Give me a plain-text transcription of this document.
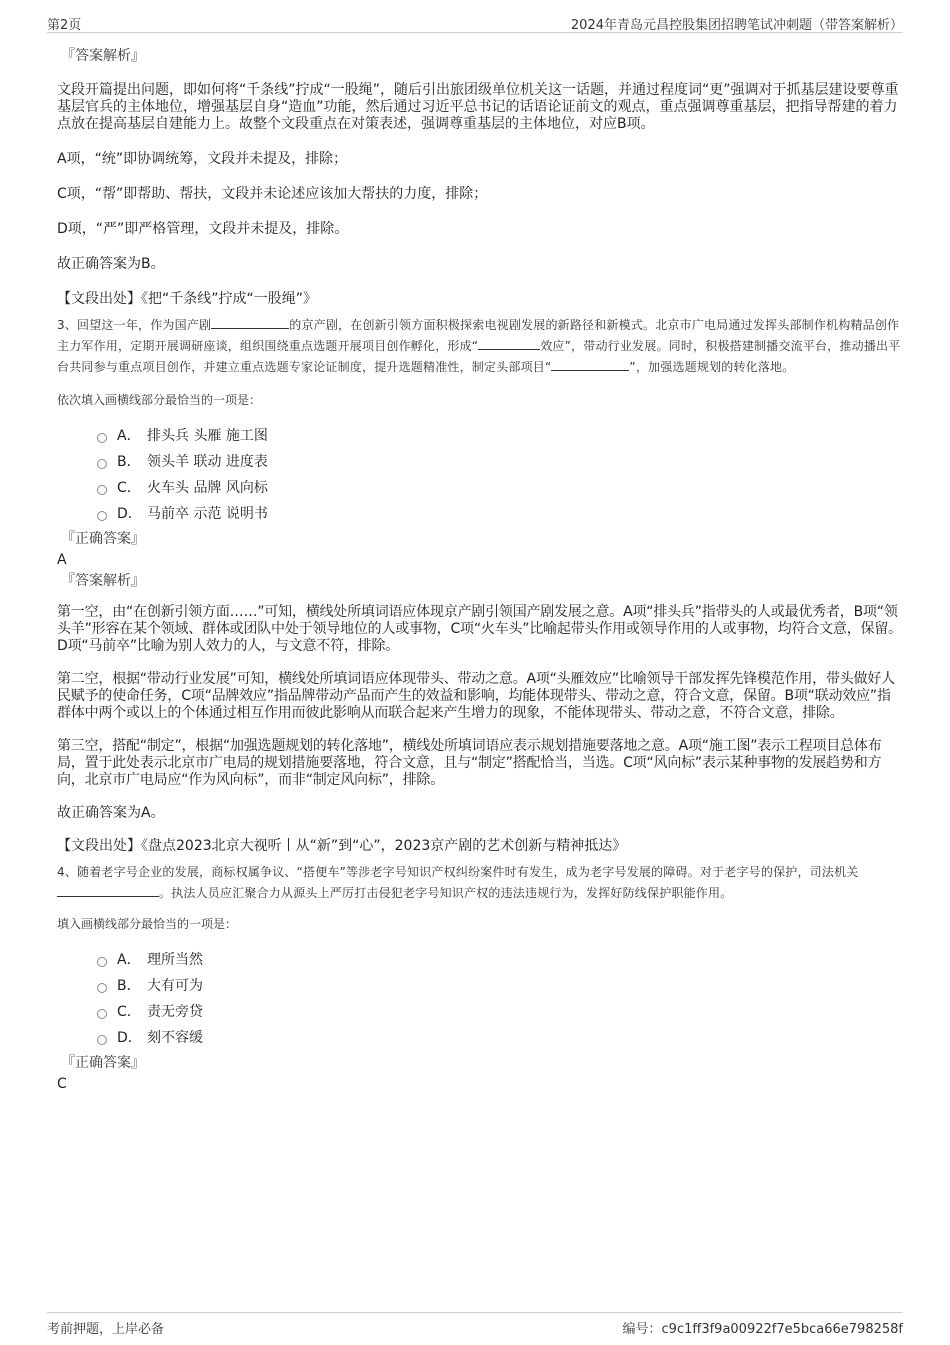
第2页	2024年青岛元昌控股集团招聘笔试冲刺题（带答案解析）
『答案解析』

文段开篇提出问题，即如何将“千条线”拧成“一股绳”，随后引出旅团级单位机关这一话题，并通过程度词“更”强调对于抓基层建设要尊重基层官兵的主体地位，增强基层自身“造血”功能，然后通过习近平总书记的话语论证前文的观点，重点强调尊重基层，把指导帮建的着力点放在提高基层自建能力上。故整个文段重点在对策表述，强调尊重基层的主体地位，对应B项。

A项，“统”即协调统筹，文段并未提及，排除；

C项，“帮”即帮助、帮扶，文段并未论述应该加大帮扶的力度，排除；

D项，“严”即严格管理，文段并未提及，排除。

故正确答案为B。

【文段出处】《把“千条线”拧成“一股绳”》

3、回望这一年，作为国产剧	的京产剧，在创新引领方面积极探索电视剧发展的新路径和新模式。北京市广电局通过发挥头部制作机构精品创作主力军作用，定期开展调研座谈，组织围绕重点选题开展项目创作孵化，形成“	效应”，带动行业发展。同时，积极搭建制播交流平台，推动播出平台共同参与重点项目创作，并建立重点选题专家论证制度，提升选题精准性，制定头部项目“	”，加强选题规划的转化落地。

依次填入画横线部分最恰当的一项是：

A． 排头兵 头雁 施工图
B． 领头羊 联动 进度表
C． 火车头 品牌 风向标
D． 马前卒 示范 说明书
『正确答案』

A

『答案解析』

第一空，由“在创新引领方面……”可知，横线处所填词语应体现京产剧引领国产剧发展之意。A项“排头兵”指带头的人或最优秀者，B项“领头羊”形容在某个领域、群体或团队中处于领导地位的人或事物，C项“火车头”比喻起带头作用或领导作用的人或事物，均符合文意，保留。D项“马前卒”比喻为别人效力的人，与文意不符，排除。

第二空，根据“带动行业发展”可知，横线处所填词语应体现带头、带动之意。A项“头雁效应”比喻领导干部发挥先锋模范作用，带头做好人民赋予的使命任务，C项“品牌效应”指品牌带动产品而产生的效益和影响，均能体现带头、带动之意，符合文意，保留。B项“联动效应”指群体中两个或以上的个体通过相互作用而彼此影响从而联合起来产生增力的现象，不能体现带头、带动之意，不符合文意，排除。

第三空，搭配“制定”，根据“加强选题规划的转化落地”，横线处所填词语应表示规划措施要落地之意。A项“施工图”表示工程项目总体布局，置于此处表示北京市广电局的规划措施要落地，符合文意，且与“制定”搭配恰当，当选。C项“风向标”表示某种事物的发展趋势和方向，北京市广电局应“作为风向标”，而非“制定风向标”，排除。

故正确答案为A。

【文段出处】《盘点2023北京大视听丨从“新”到“心”，2023京产剧的艺术创新与精神抵达》

4、随着老字号企业的发展，商标权属争议、“搭便车”等涉老字号知识产权纠纷案件时有发生，成为老字号发展的障碍。对于老字号的保护，司法机关。执法人员应汇聚合力从源头上严厉打击侵犯老字号知识产权的违法违规行为，发挥好防线保护职能作用。

填入画横线部分最恰当的一项是：

A． 理所当然
B． 大有可为
C． 责无旁贷
D． 刻不容缓
『正确答案』

C

考前押题，上岸必备	编号：c9c1ff3f9a00922f7e5bca66e798258f
